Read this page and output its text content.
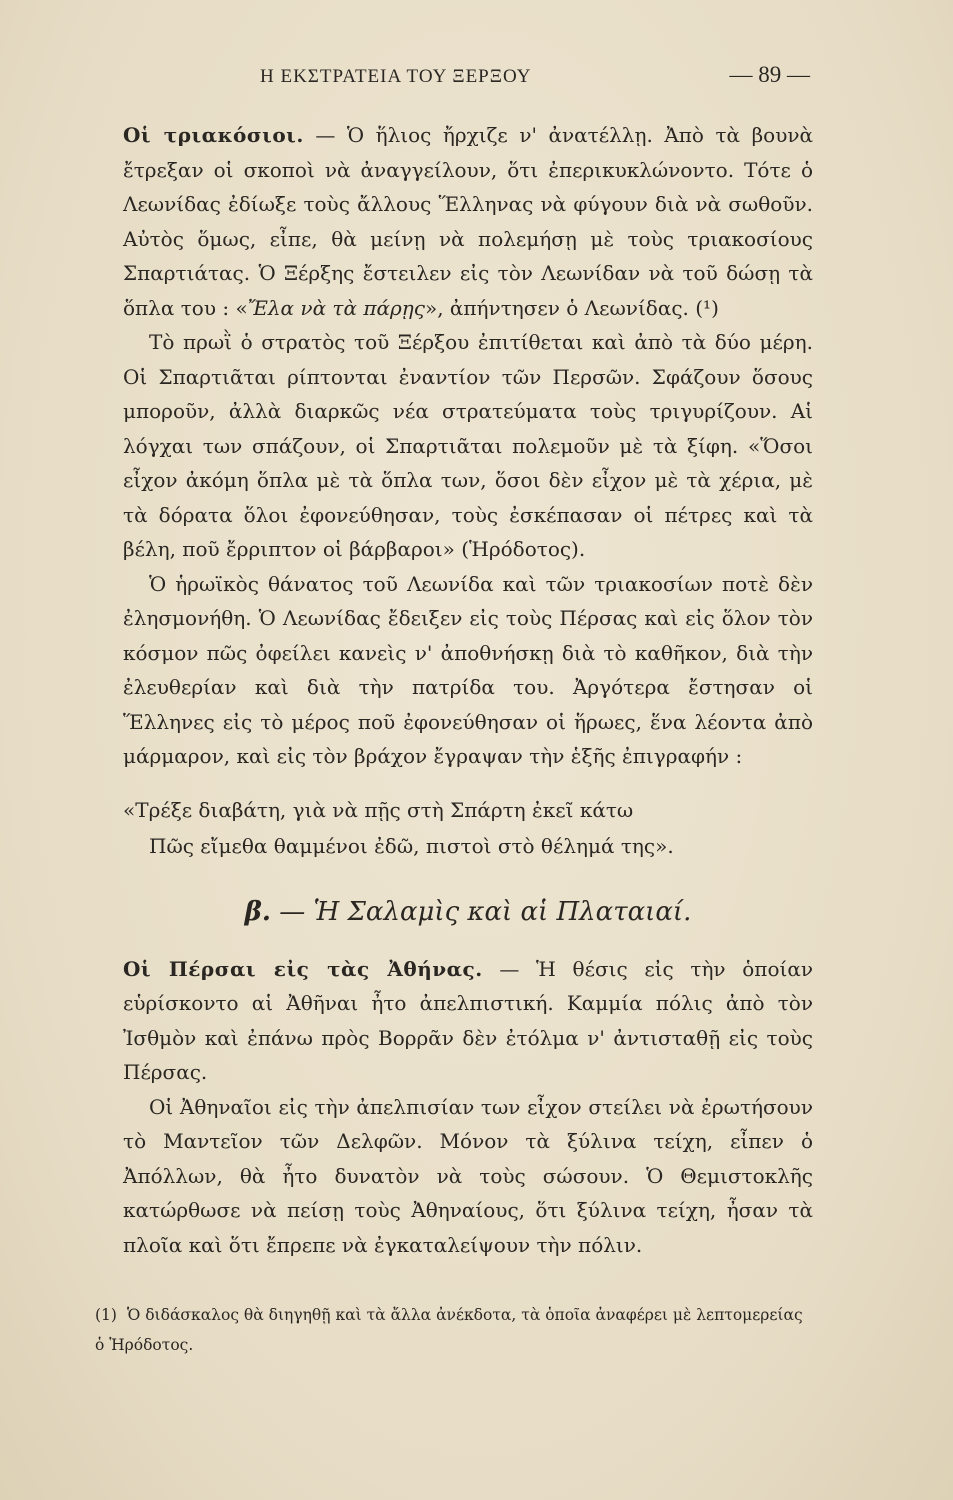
Η ΕΚΣΤΡΑΤΕΙΑ ΤΟΥ ΞΕΡΞΟΥ	— 89 —

Οἱ τριακόσιοι. — Ὁ ἥλιος ἤρχιζε ν' ἀνατέλλῃ. Ἀπὸ τὰ βουνὰ ἔτρεξαν οἱ σκοποὶ νὰ ἀναγγείλουν, ὅτι ἐπερικυκλώνοντο. Τότε ὁ Λεωνίδας ἐδίωξε τοὺς ἄλλους Ἕλληνας νὰ φύγουν διὰ νὰ σωθοῦν. Αὐτὸς ὅμως, εἶπε, θὰ μείνῃ νὰ πολεμήσῃ μὲ τοὺς τριακοσίους Σπαρτιάτας. Ὁ Ξέρξης ἔστειλεν εἰς τὸν Λεωνίδαν νὰ τοῦ δώσῃ τὰ ὅπλα του : «Ἔλα νὰ τὰ πάρῃς», ἀπήντησεν ὁ Λεωνίδας. (¹)

Τὸ πρωῒ ὁ στρατὸς τοῦ Ξέρξου ἐπιτίθεται καὶ ἀπὸ τὰ δύο μέρη. Οἱ Σπαρτιᾶται ρίπτονται ἐναντίον τῶν Περσῶν. Σφάζουν ὅσους μποροῦν, ἀλλὰ διαρκῶς νέα στρατεύματα τοὺς τριγυρίζουν. Αἱ λόγχαι των σπάζουν, οἱ Σπαρτιᾶται πολεμοῦν μὲ τὰ ξίφη. «Ὅσοι εἶχον ἀκόμη ὅπλα μὲ τὰ ὅπλα των, ὅσοι δὲν εἶχον μὲ τὰ χέρια, μὲ τὰ δόρατα ὅλοι ἐφονεύθησαν, τοὺς ἐσκέπασαν οἱ πέτρες καὶ τὰ βέλη, ποῦ ἔρριπτον οἱ βάρβαροι» (Ἡρόδοτος).

Ὁ ἡρωϊκὸς θάνατος τοῦ Λεωνίδα καὶ τῶν τριακοσίων ποτὲ δὲν ἐλησμονήθη. Ὁ Λεωνίδας ἔδειξεν εἰς τοὺς Πέρσας καὶ εἰς ὅλον τὸν κόσμον πῶς ὀφείλει κανεὶς ν' ἀποθνήσκῃ διὰ τὸ καθῆκον, διὰ τὴν ἐλευθερίαν καὶ διὰ τὴν πατρίδα του. Ἀργότερα ἔστησαν οἱ Ἕλληνες εἰς τὸ μέρος ποῦ ἐφονεύθησαν οἱ ἥρωες, ἕνα λέοντα ἀπὸ μάρμαρον, καὶ εἰς τὸν βράχον ἔγραψαν τὴν ἑξῆς ἐπιγραφήν :

«Τρέξε διαβάτη, γιὰ νὰ πῇς στὴ Σπάρτη ἐκεῖ κάτω
Πῶς εἴμεθα θαμμένοι ἐδῶ, πιστοὶ στὸ θέλημά της».
β. — Ἡ Σαλαμὶς καὶ αἱ Πλαταιαί.

Οἱ Πέρσαι εἰς τὰς Ἀθήνας. — Ἡ θέσις εἰς τὴν ὁποίαν εὑρίσκοντο αἱ Ἀθῆναι ἦτο ἀπελπιστική. Καμμία πόλις ἀπὸ τὸν Ἰσθμὸν καὶ ἐπάνω πρὸς Βορρᾶν δὲν ἐτόλμα ν' ἀντισταθῇ εἰς τοὺς Πέρσας.

Οἱ Ἀθηναῖοι εἰς τὴν ἀπελπισίαν των εἶχον στείλει νὰ ἐρωτήσουν τὸ Μαντεῖον τῶν Δελφῶν. Μόνον τὰ ξύλινα τείχη, εἶπεν ὁ Ἀπόλλων, θὰ ἦτο δυνατὸν νὰ τοὺς σώσουν. Ὁ Θεμιστοκλῆς κατώρθωσε νὰ πείσῃ τοὺς Ἀθηναίους, ὅτι ξύλινα τείχη, ἦσαν τὰ πλοῖα καὶ ὅτι ἔπρεπε νὰ ἐγκαταλείψουν τὴν πόλιν.

(1) Ὁ διδάσκαλος θὰ διηγηθῇ καὶ τὰ ἄλλα ἀνέκδοτα, τὰ ὁποῖα ἀναφέρει μὲ λεπτομερείας ὁ Ἡρόδοτος.
